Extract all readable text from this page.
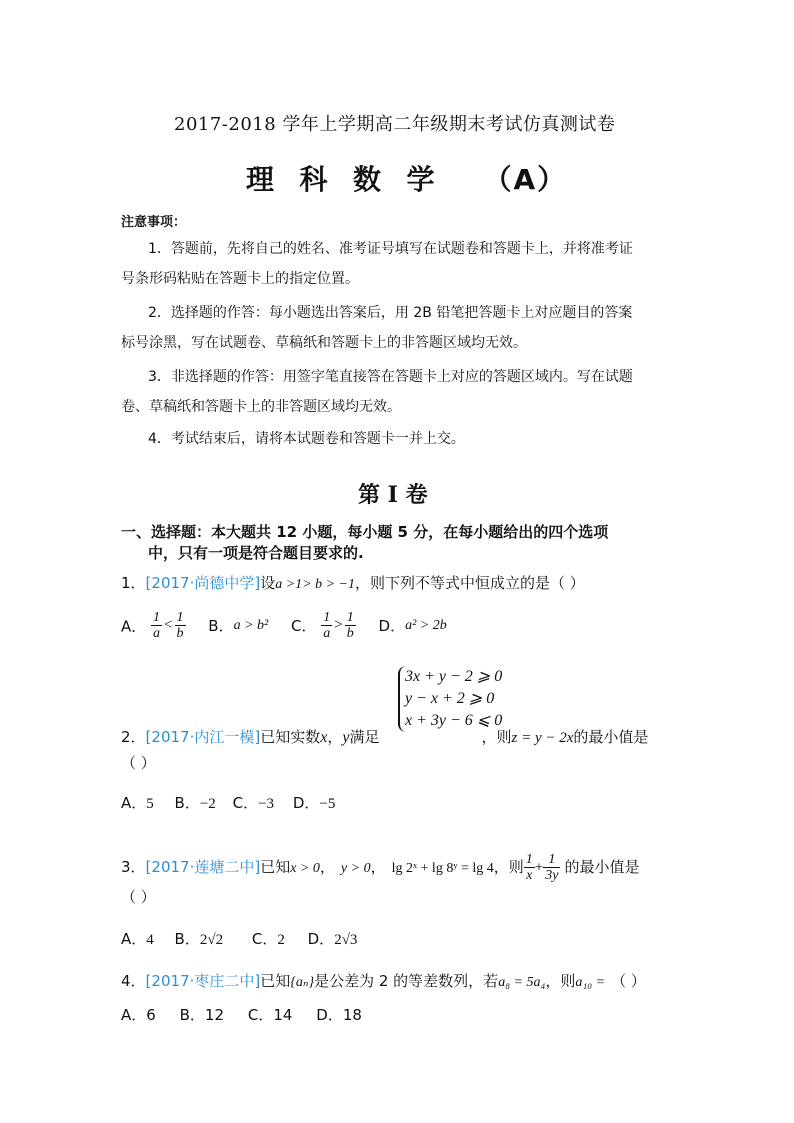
2017-2018 学年上学期高二年级期末考试仿真测试卷
理  科  数  学    （A）
注意事项：
1．答题前，先将自己的姓名、准考证号填写在试题卷和答题卡上，并将准考证
号条形码粘贴在答题卡上的指定位置。
2．选择题的作答：每小题选出答案后，用 2B 铅笔把答题卡上对应题目的答案
标号涂黑，写在试题卷、草稿纸和答题卡上的非答题区域均无效。
3．非选择题的作答：用签字笔直接答在答题卡上对应的答题区域内。写在试题
卷、草稿纸和答题卡上的非答题区域均无效。
4．考试结束后，请将本试题卷和答题卡一并上交。
第 I 卷
一、选择题：本大题共 12 小题，每小题 5 分，在每小题给出的四个选项
中，只有一项是符合题目要求的.
1．[2017·尚德中学]设a >1> b > −1，则下列不等式中恒成立的是（ ）
A． $\frac{1}{a} < \frac{1}{b}$ B．a > b² C． $\frac{1}{a} > \frac{1}{b}$ D．a² > 2b
3x + y − 2 ⩾ 0
y − x + 2 ⩾ 0
x + 3y − 6 ⩽ 0
2．[2017·内江一模]已知实数x，y满足	，则z = y − 2x的最小值是
（ ）
A．5 B．−2 C．−3 D．−5
3．[2017·莲塘二中]已知x > 0， y > 0， lg 2ˣ + lg 8ʸ = lg 4，则 $\frac{1}{x} + \frac{1}{3y}$ 的最小值是
（ ）
A．4 B．2√2 C．2 D．2√3
4．[2017·枣庄二中]已知{aₙ}是公差为 2 的等差数列，若a₈ = 5a₄，则a₁₀ = （ ）
A．6     B．12     C．14     D．18
